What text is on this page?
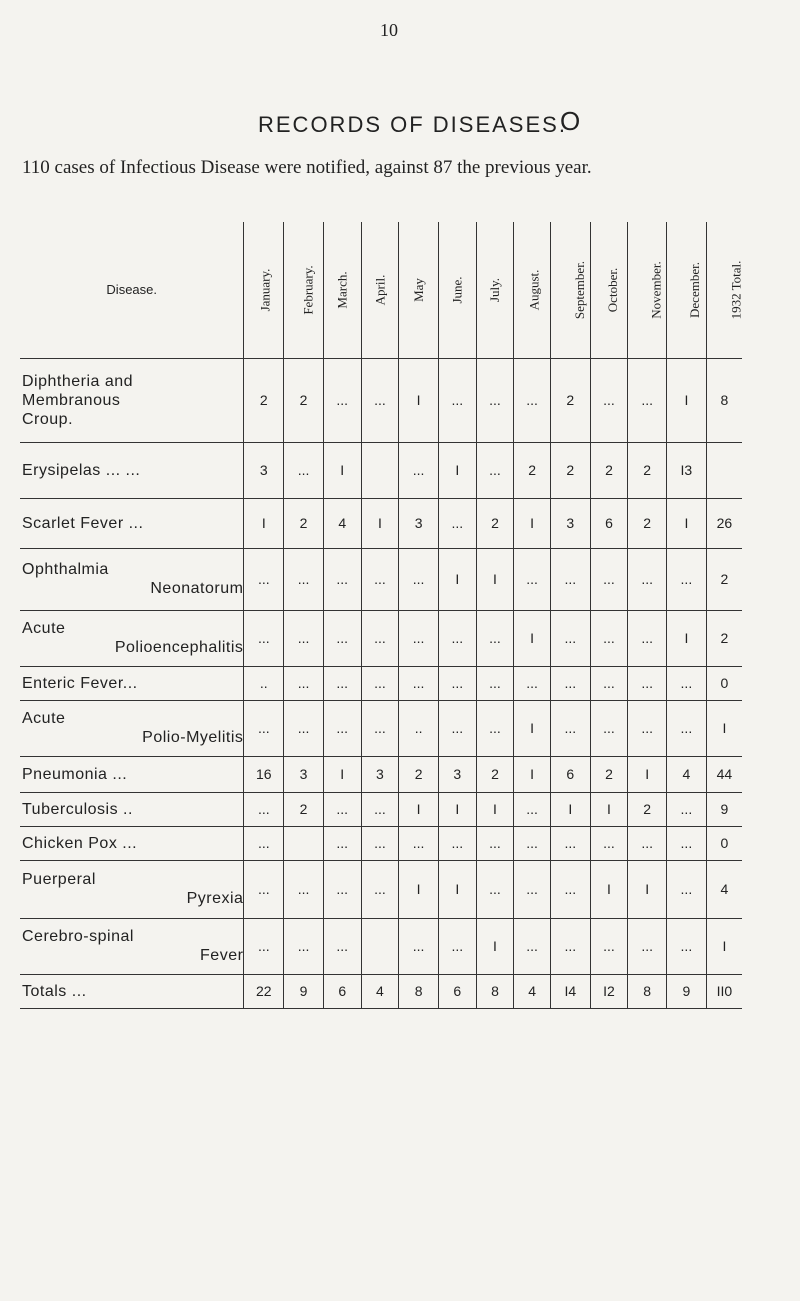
10
RECORDS OF DISEASES.
O
110 cases of Infectious Disease were notified, against 87 the previous year.
Disease.	January.	February.	March.	April.	May	June.	July.	August.	September.	October.	November.	December.	1932 Total.

Diphtheria and
Membranous
Croup.	2	2	...	...	I	...	...	...	2	...	...	I	8

Erysipelas ... ...	3	...	I		...	I	...	2	2	2	2	I3	

Scarlet Fever ...	I	2	4	I	3	...	2	I	3	6	2	I	26

Ophthalmia
Neonatorum	...	...	...	...	...	I	I	...	...	...	...	...	2

Acute
Polioencephalitis	...	...	...	...	...	...	...	I	...	...	...	I	2

Enteric Fever...	..	...	...	...	...	...	...	...	...	...	...	...	0

Acute
Polio-Myelitis	...	...	...	...	..	...	...	I	...	...	...	...	I

Pneumonia ...	16	3	I	3	2	3	2	I	6	2	I	4	44

Tuberculosis ..	...	2	...	...	I	I	I	...	I	I	2	...	9

Chicken Pox ...	...		...	...	...	...	...	...	...	...	...	...	0

Puerperal
Pyrexia	...	...	...	...	I	I	...	...	...	I	I	...	4

Cerebro-spinal
Fever	...	...	...		...	...	I	...	...	...	...	...	I
Totals ...	22	9	6	4	8	6	8	4	I4	I2	8	9	II0
